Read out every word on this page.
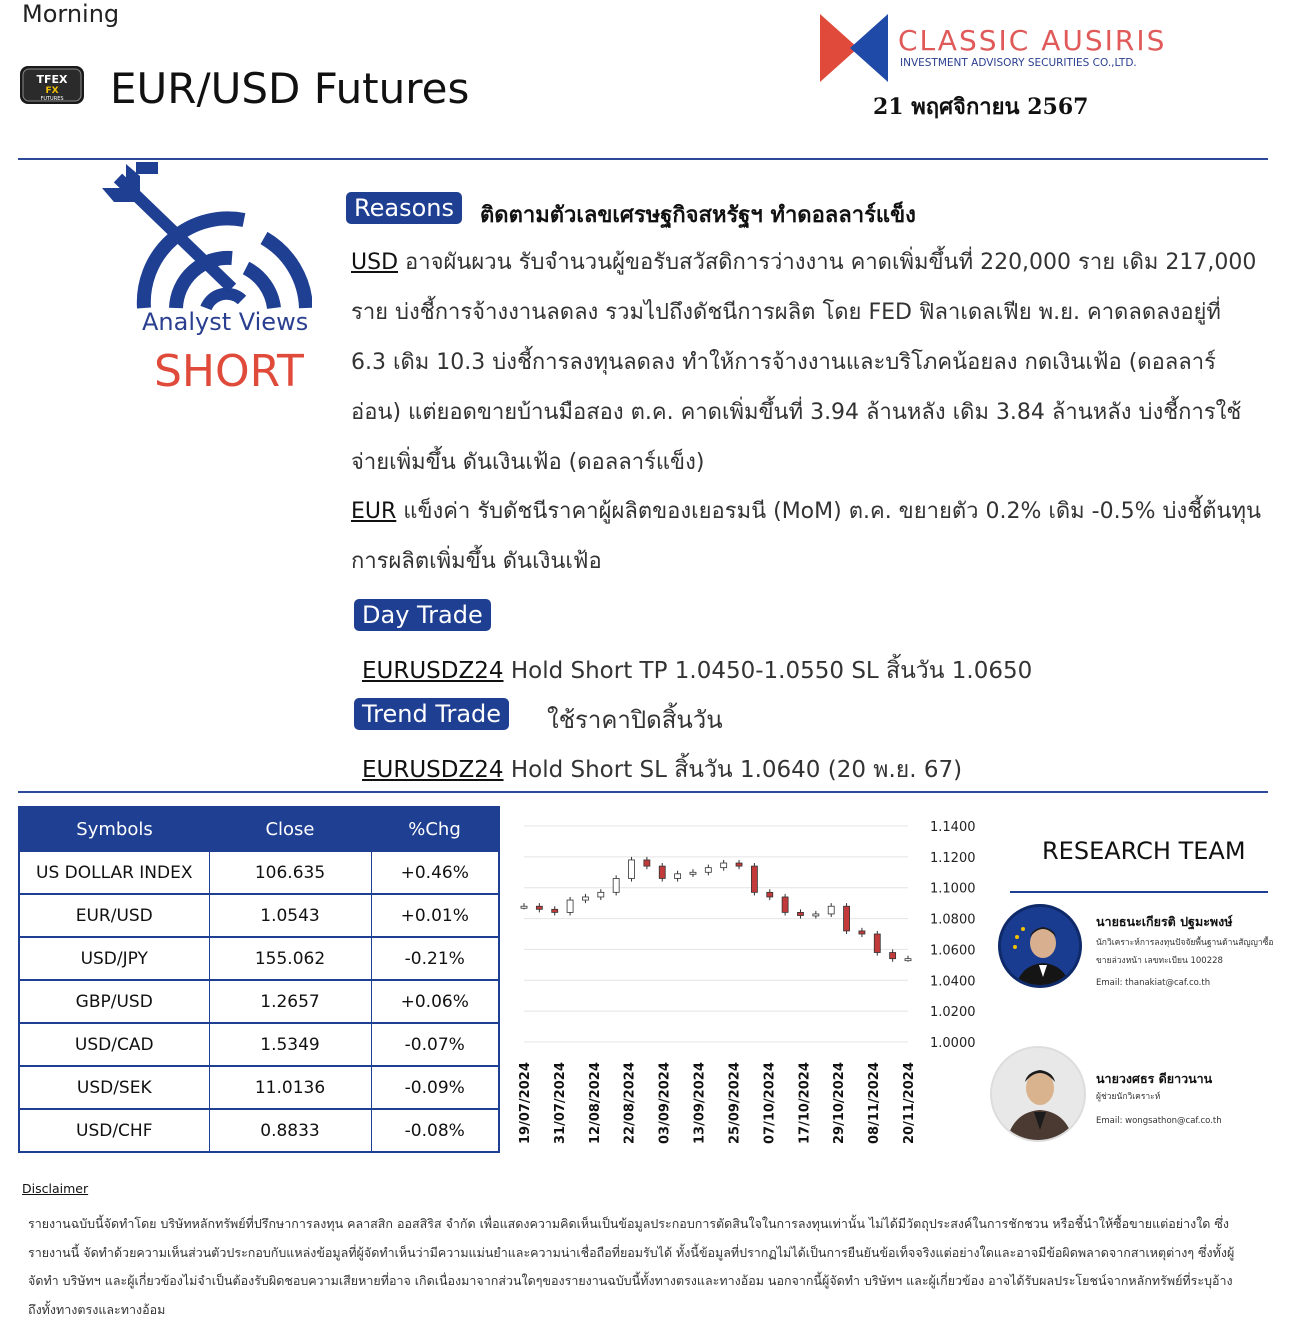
Morning
TFEX
FX
FUTURES EUR/USD Futures
CLASSIC AUSIRIS
INVESTMENT ADVISORY SECURITIES CO.,LTD.
21 พฤศจิกายน 2567
Analyst Views
SHORT
Reasons	ติดตามตัวเลขเศรษฐกิจสหรัฐฯ ทำดอลลาร์แข็ง
USD อาจผันผวน รับจำนวนผู้ขอรับสวัสดิการว่างงาน คาดเพิ่มขึ้นที่ 220,000 ราย เดิม 217,000 ราย บ่งชี้การจ้างงานลดลง รวมไปถึงดัชนีการผลิต โดย FED ฟิลาเดลเฟีย พ.ย. คาดลดลงอยู่ที่ 6.3 เดิม 10.3 บ่งชี้การลงทุนลดลง ทำให้การจ้างงานและบริโภคน้อยลง กดเงินเฟ้อ (ดอลลาร์อ่อน) แต่ยอดขายบ้านมือสอง ต.ค. คาดเพิ่มขึ้นที่ 3.94 ล้านหลัง เดิม 3.84 ล้านหลัง บ่งชี้การใช้จ่ายเพิ่มขึ้น ดันเงินเฟ้อ (ดอลลาร์แข็ง)
EUR แข็งค่า รับดัชนีราคาผู้ผลิตของเยอรมนี (MoM) ต.ค. ขยายตัว 0.2% เดิม -0.5% บ่งชี้ต้นทุนการผลิตเพิ่มขึ้น ดันเงินเฟ้อ
Day Trade
EURUSDZ24 Hold Short TP 1.0450-1.0550 SL สิ้นวัน 1.0650
Trend Trade	ใช้ราคาปิดสิ้นวัน
EURUSDZ24 Hold Short SL สิ้นวัน 1.0640 (20 พ.ย. 67)
Symbols	Close	%Chg
US DOLLAR INDEX	106.635	+0.46%
EUR/USD	1.0543	+0.01%
USD/JPY	155.062	-0.21%
GBP/USD	1.2657	+0.06%
USD/CAD	1.5349	-0.07%
USD/SEK	11.0136	-0.09%
USD/CHF	0.8833	-0.08%
1.1400
1.1200
1.1000
1.0800
1.0600
1.0400
1.0200
1.0000
19/07/2024 31/07/2024 12/08/2024 22/08/2024 03/09/2024 13/09/2024 25/09/2024 07/10/2024 17/10/2024 29/10/2024 08/11/2024 20/11/2024
RESEARCH TEAM
นายธนะเกียรติ ปฐมะพงษ์
นักวิเคราะห์การลงทุนปัจจัยพื้นฐานด้านสัญญาซื้อขายล่วงหน้า เลขทะเบียน 100228
Email: thanakiat@caf.co.th
นายวงศธร ดียาวนาน
ผู้ช่วยนักวิเคราะห์
Email: wongsathon@caf.co.th
Disclaimer
รายงานฉบับนี้จัดทำโดย บริษัทหลักทรัพย์ที่ปรึกษาการลงทุน คลาสสิก ออสสิริส จำกัด เพื่อแสดงความคิดเห็นเป็นข้อมูลประกอบการตัดสินใจในการลงทุนเท่านั้น ไม่ได้มีวัตถุประสงค์ในการชักชวน หรือชี้นำให้ซื้อขายแต่อย่างใด ซึ่งรายงานนี้ จัดทำด้วยความเห็นส่วนตัวประกอบกับแหล่งข้อมูลที่ผู้จัดทำเห็นว่ามีความแม่นยำและความน่าเชื่อถือที่ยอมรับได้ ทั้งนี้ข้อมูลที่ปรากฏไม่ได้เป็นการยืนยันข้อเท็จจริงแต่อย่างใดและอาจมีข้อผิดพลาดจากสาเหตุต่างๆ ซึ่งทั้งผู้จัดทำ บริษัทฯ และผู้เกี่ยวข้องไม่จำเป็นต้องรับผิดชอบความเสียหายที่อาจ เกิดเนื่องมาจากส่วนใดๆของรายงานฉบับนี้ทั้งทางตรงและทางอ้อม นอกจากนี้ผู้จัดทำ บริษัทฯ และผู้เกี่ยวข้อง อาจได้รับผลประโยชน์จากหลักทรัพย์ที่ระบุอ้างถึงทั้งทางตรงและทางอ้อม
